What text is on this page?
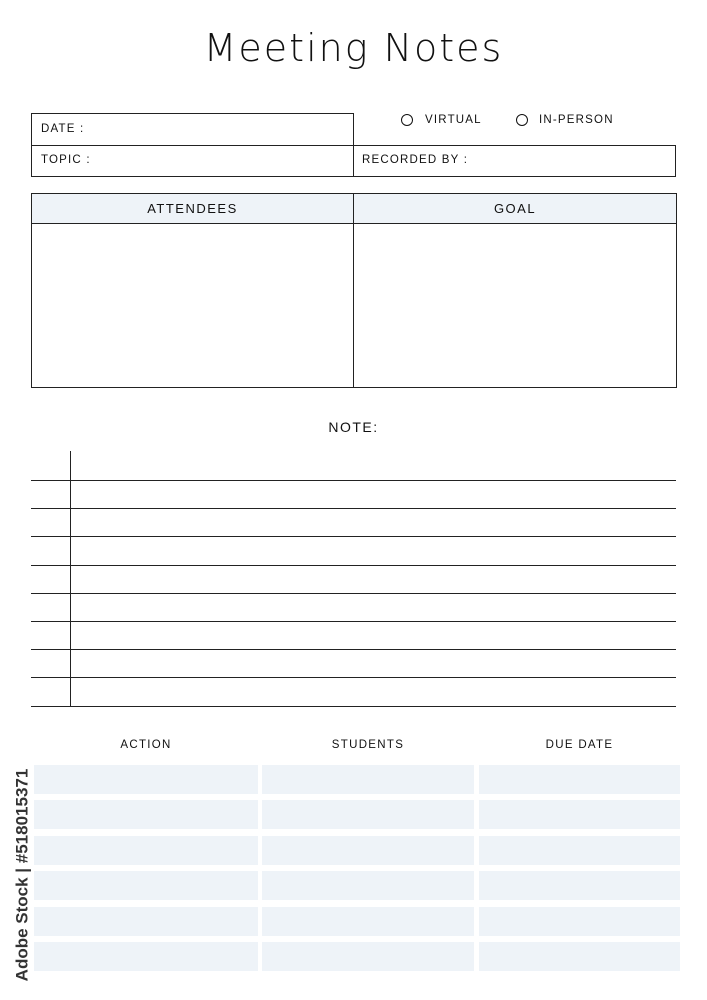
Meeting Notes
DATE :
TOPIC :	RECORDED BY :
VIRTUAL	IN-PERSON
ATTENDEES	GOAL
NOTE:
ACTION	STUDENTS	DUE DATE
Adobe Stock | #518015371
